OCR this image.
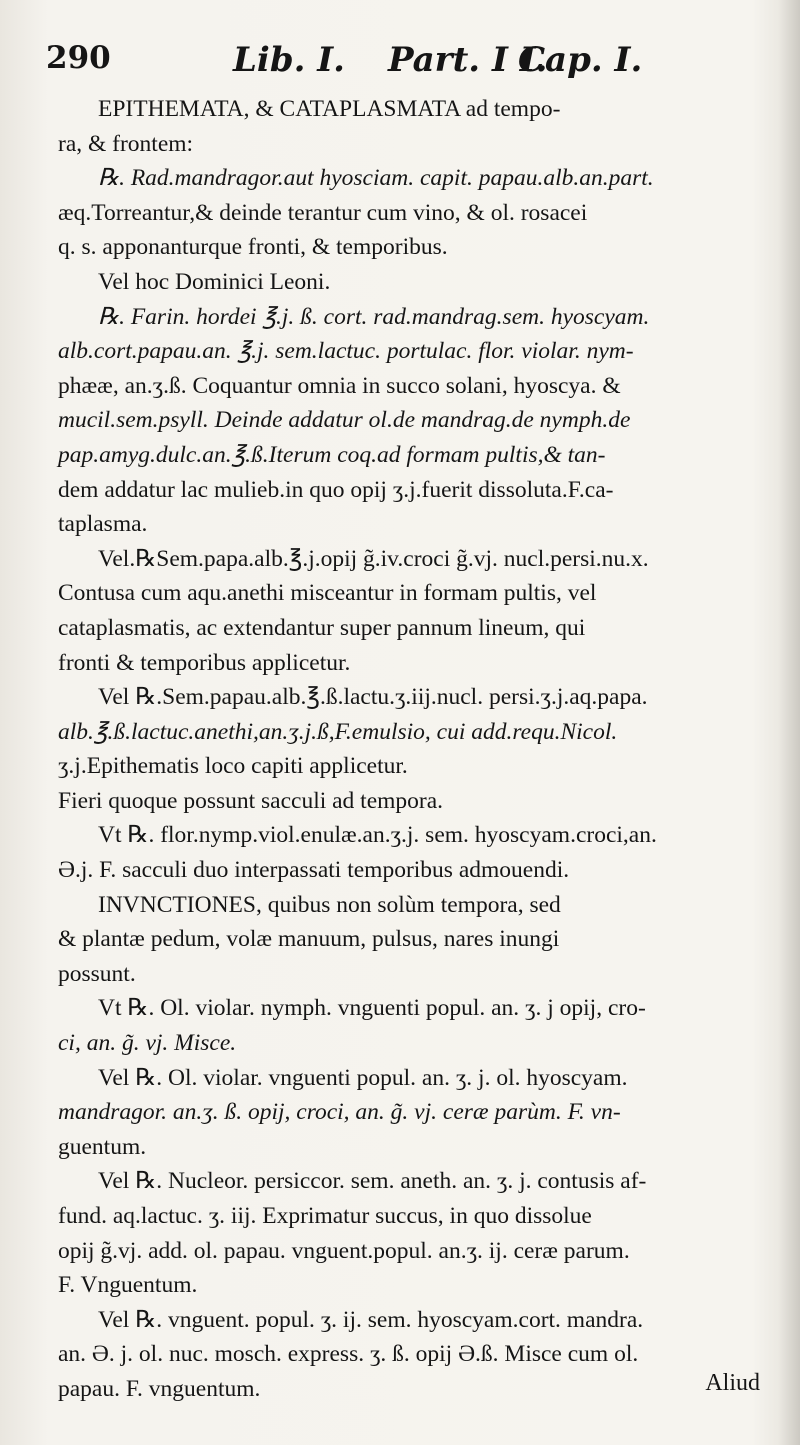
290	Lib. I. Part. I I.
Cap. I.
EPITHEMATA, & CATAPLASMATA ad tempo-
ra, & frontem:
℞. Rad.mandragor.aut hyosciam. capit. papau.alb.an.part.
æq.Torreantur,& deinde terantur cum vino, & ol. rosacei
q. s. apponanturque fronti, & temporibus.
Vel hoc Dominici Leoni.
℞. Farin. hordei ℥.j. ß. cort. rad.mandrag.sem. hyoscyam.
alb.cort.papau.an. ℥.j. sem.lactuc. portulac. flor. violar. nym-
phææ, an.ʒ.ß. Coquantur omnia in succo solani, hyoscya. &
mucil.sem.psyll. Deinde addatur ol.de mandrag.de nymph.de
pap.amyg.dulc.an.℥.ß.Iterum coq.ad formam pultis,& tan-
dem addatur lac mulieb.in quo opij ʒ.j.fuerit dissoluta.F.ca-
taplasma.
Vel.℞Sem.papa.alb.℥.j.opij g̃.iv.croci g̃.vj. nucl.persi.nu.x.
Contusa cum aqu.anethi misceantur in formam pultis, vel
cataplasmatis, ac extendantur super pannum lineum, qui
fronti & temporibus applicetur.
Vel ℞.Sem.papau.alb.℥.ß.lactu.ʒ.iij.nucl. persi.ʒ.j.aq.papa.
alb.℥.ß.lactuc.anethi,an.ʒ.j.ß,F.emulsio, cui add.requ.Nicol.
ʒ.j.Epithematis loco capiti applicetur.
Fieri quoque possunt sacculi ad tempora.
Vt ℞. flor.nymp.viol.enulæ.an.ʒ.j. sem. hyoscyam.croci,an.
Ə.j. F. sacculi duo interpassati temporibus admouendi.
INVNCTIONES, quibus non solùm tempora, sed
& plantæ pedum, volæ manuum, pulsus, nares inungi
possunt.
Vt ℞. Ol. violar. nymph. vnguenti popul. an. ʒ. j opij, cro-
ci, an. g̃. vj. Misce.
Vel ℞. Ol. violar. vnguenti popul. an. ʒ. j. ol. hyoscyam.
mandragor. an.ʒ. ß. opij, croci, an. g̃. vj. ceræ parùm. F. vn-
guentum.
Vel ℞. Nucleor. persiccor. sem. aneth. an. ʒ. j. contusis af-
fund. aq.lactuc. ʒ. iij. Exprimatur succus, in quo dissolue
opij g̃.vj. add. ol. papau. vnguent.popul. an.ʒ. ij. ceræ parum.
F. Vnguentum.
Vel ℞. vnguent. popul. ʒ. ij. sem. hyoscyam.cort. mandra.
an. Ə. j. ol. nuc. mosch. express. ʒ. ß. opij Ə.ß. Misce cum ol.
papau. F. vnguentum.	Aliud
